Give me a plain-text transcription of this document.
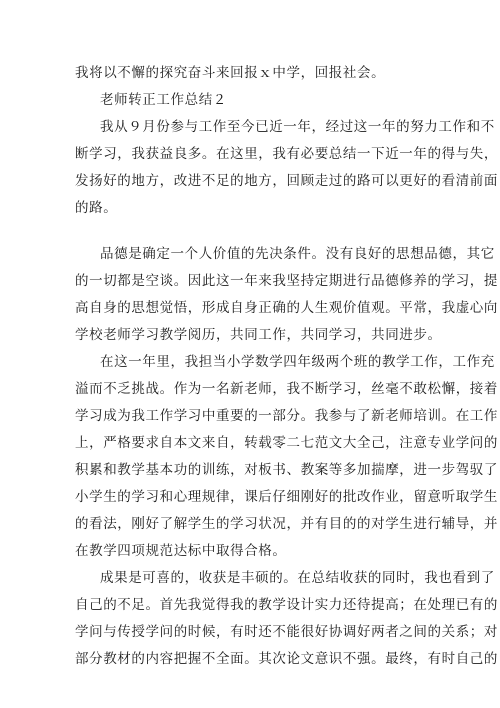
我将以不懈的探究奋斗来回报ｘ中学，回报社会。
老师转正工作总结２
我从９月份参与工作至今已近一年，经过这一年的努力工作和不
断学习，我获益良多。在这里，我有必要总结一下近一年的得与失，
发扬好的地方，改进不足的地方，回顾走过的路可以更好的看清前面
的路。
品德是确定一个人价值的先决条件。没有良好的思想品德，其它
的一切都是空谈。因此这一年来我坚持定期进行品德修养的学习，提
高自身的思想觉悟，形成自身正确的人生观价值观。平常，我虚心向
学校老师学习教学阅历，共同工作，共同学习，共同进步。
在这一年里，我担当小学数学四年级两个班的教学工作，工作充
溢而不乏挑战。作为一名新老师，我不断学习，丝毫不敢松懈，接着
学习成为我工作学习中重要的一部分。我参与了新老师培训。在工作
上，严格要求自本文来自，转载零二七范文大全己，注意专业学问的
积累和教学基本功的训练，对板书、教案等多加揣摩，进一步驾驭了
小学生的学习和心理规律，课后仔细刚好的批改作业，留意听取学生
的看法，刚好了解学生的学习状况，并有目的的对学生进行辅导，并
在教学四项规范达标中取得合格。
成果是可喜的，收获是丰硕的。在总结收获的同时，我也看到了
自己的不足。首先我觉得我的教学设计实力还待提高；在处理已有的
学问与传授学问的时候，有时还不能很好协调好两者之间的关系；对
部分教材的内容把握不全面。其次论文意识不强。最终，有时自己的
